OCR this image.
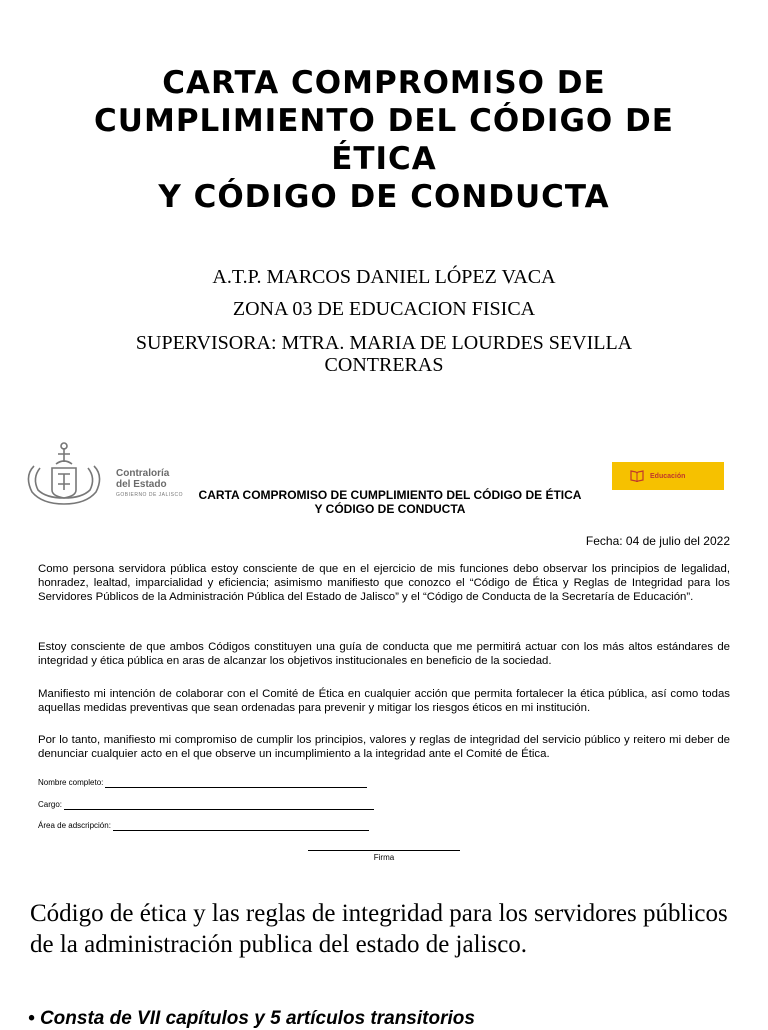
CARTA COMPROMISO DE
CUMPLIMIENTO DEL CÓDIGO DE
ÉTICA
Y CÓDIGO DE CONDUCTA
A.T.P. MARCOS DANIEL LÓPEZ VACA
ZONA 03 DE EDUCACION FISICA
SUPERVISORA: MTRA. MARIA DE LOURDES SEVILLA CONTRERAS
Contraloría
del Estado
GOBIERNO DE JALISCO
Educación
CARTA COMPROMISO DE CUMPLIMIENTO DEL CÓDIGO DE ÉTICA
Y CÓDIGO DE CONDUCTA
Fecha: 04 de julio del 2022

Como persona servidora pública estoy consciente de que en el ejercicio de mis funciones debo observar los principios de legalidad, honradez, lealtad, imparcialidad y eficiencia; asimismo manifiesto que conozco el “Código de Ética y Reglas de Integridad para los Servidores Públicos de la Administración Pública del Estado de Jalisco” y el “Código de Conducta de la Secretaría de Educación”.

Estoy consciente de que ambos Códigos constituyen una guía de conducta que me permitirá actuar con los más altos estándares de integridad y ética pública en aras de alcanzar los objetivos institucionales en beneficio de la sociedad.

Manifiesto mi intención de colaborar con el Comité de Ética en cualquier acción que permita fortalecer la ética pública, así como todas aquellas medidas preventivas que sean ordenadas para prevenir y mitigar los riesgos éticos en mi institución.

Por lo tanto, manifiesto mi compromiso de cumplir los principios, valores y reglas de integridad del servicio público y reitero mi deber de denunciar cualquier acto en el que observe un incumplimiento a la integridad ante el Comité de Ética.

Nombre completo:
Cargo:
Área de adscripción:
Firma
Código de ética y las reglas de integridad para los servidores públicos de la administración publica del estado de jalisco.
• Consta de VII capítulos y 5 artículos transitorios
